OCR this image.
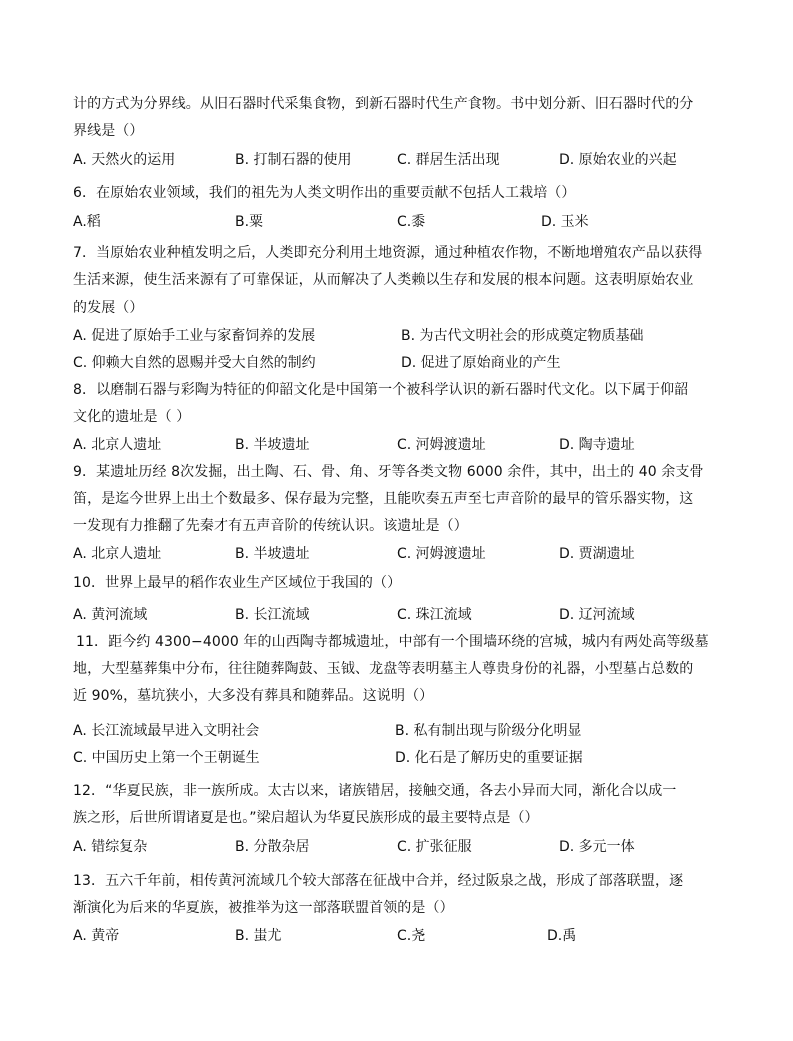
计的方式为分界线。从旧石器时代采集食物，到新石器时代生产食物。书中划分新、旧石器时代的分
界线是（）
A. 天然火的运用	B. 打制石器的使用	C. 群居生活出现	D. 原始农业的兴起
6．在原始农业领域，我们的祖先为人类文明作出的重要贡献不包括人工栽培（）
A.稻	B.粟	C.黍	D. 玉米
7．当原始农业种植发明之后，人类即充分利用土地资源，通过种植农作物，不断地增殖农产品以获得
生活来源，使生活来源有了可靠保证，从而解决了人类赖以生存和发展的根本问题。这表明原始农业
的发展（）
A. 促进了原始手工业与家畜饲养的发展	B. 为古代文明社会的形成奠定物质基础
C. 仰赖大自然的恩赐并受大自然的制约	D. 促进了原始商业的产生
8．以磨制石器与彩陶为特征的仰韶文化是中国第一个被科学认识的新石器时代文化。以下属于仰韶
文化的遗址是（ ）
A. 北京人遗址	B. 半坡遗址	C. 河姆渡遗址	D. 陶寺遗址
9．某遗址历经 8次发掘，出土陶、石、骨、角、牙等各类文物 6000 余件，其中，出土的 40 余支骨
笛，是迄今世界上出土个数最多、保存最为完整，且能吹奏五声至七声音阶的最早的管乐器实物，这
一发现有力推翻了先秦才有五声音阶的传统认识。该遗址是（）
A. 北京人遗址	B. 半坡遗址	C. 河姆渡遗址	D. 贾湖遗址
10．世界上最早的稻作农业生产区域位于我国的（）
A. 黄河流域	B. 长江流域	C. 珠江流域	D. 辽河流域
11．距今约 4300−4000 年的山西陶寺都城遗址，中部有一个围墙环绕的宫城，城内有两处高等级墓
地，大型墓葬集中分布，往往随葬陶鼓、玉钺、龙盘等表明墓主人尊贵身份的礼器，小型墓占总数的
近 90%，墓坑狭小，大多没有葬具和随葬品。这说明（）
A. 长江流域最早进入文明社会	B. 私有制出现与阶级分化明显
C. 中国历史上第一个王朝诞生	D. 化石是了解历史的重要证据
12．“华夏民族，非一族所成。太古以来，诸族错居，接触交通，各去小异而大同，渐化合以成一
族之形，后世所谓诸夏是也。”梁启超认为华夏民族形成的最主要特点是（）
A. 错综复杂	B. 分散杂居	C. 扩张征服	D. 多元一体
13．五六千年前，相传黄河流域几个较大部落在征战中合并，经过阪泉之战，形成了部落联盟，逐
渐演化为后来的华夏族，被推举为这一部落联盟首领的是（）
A. 黄帝	B. 蚩尤	C.尧	D.禹
